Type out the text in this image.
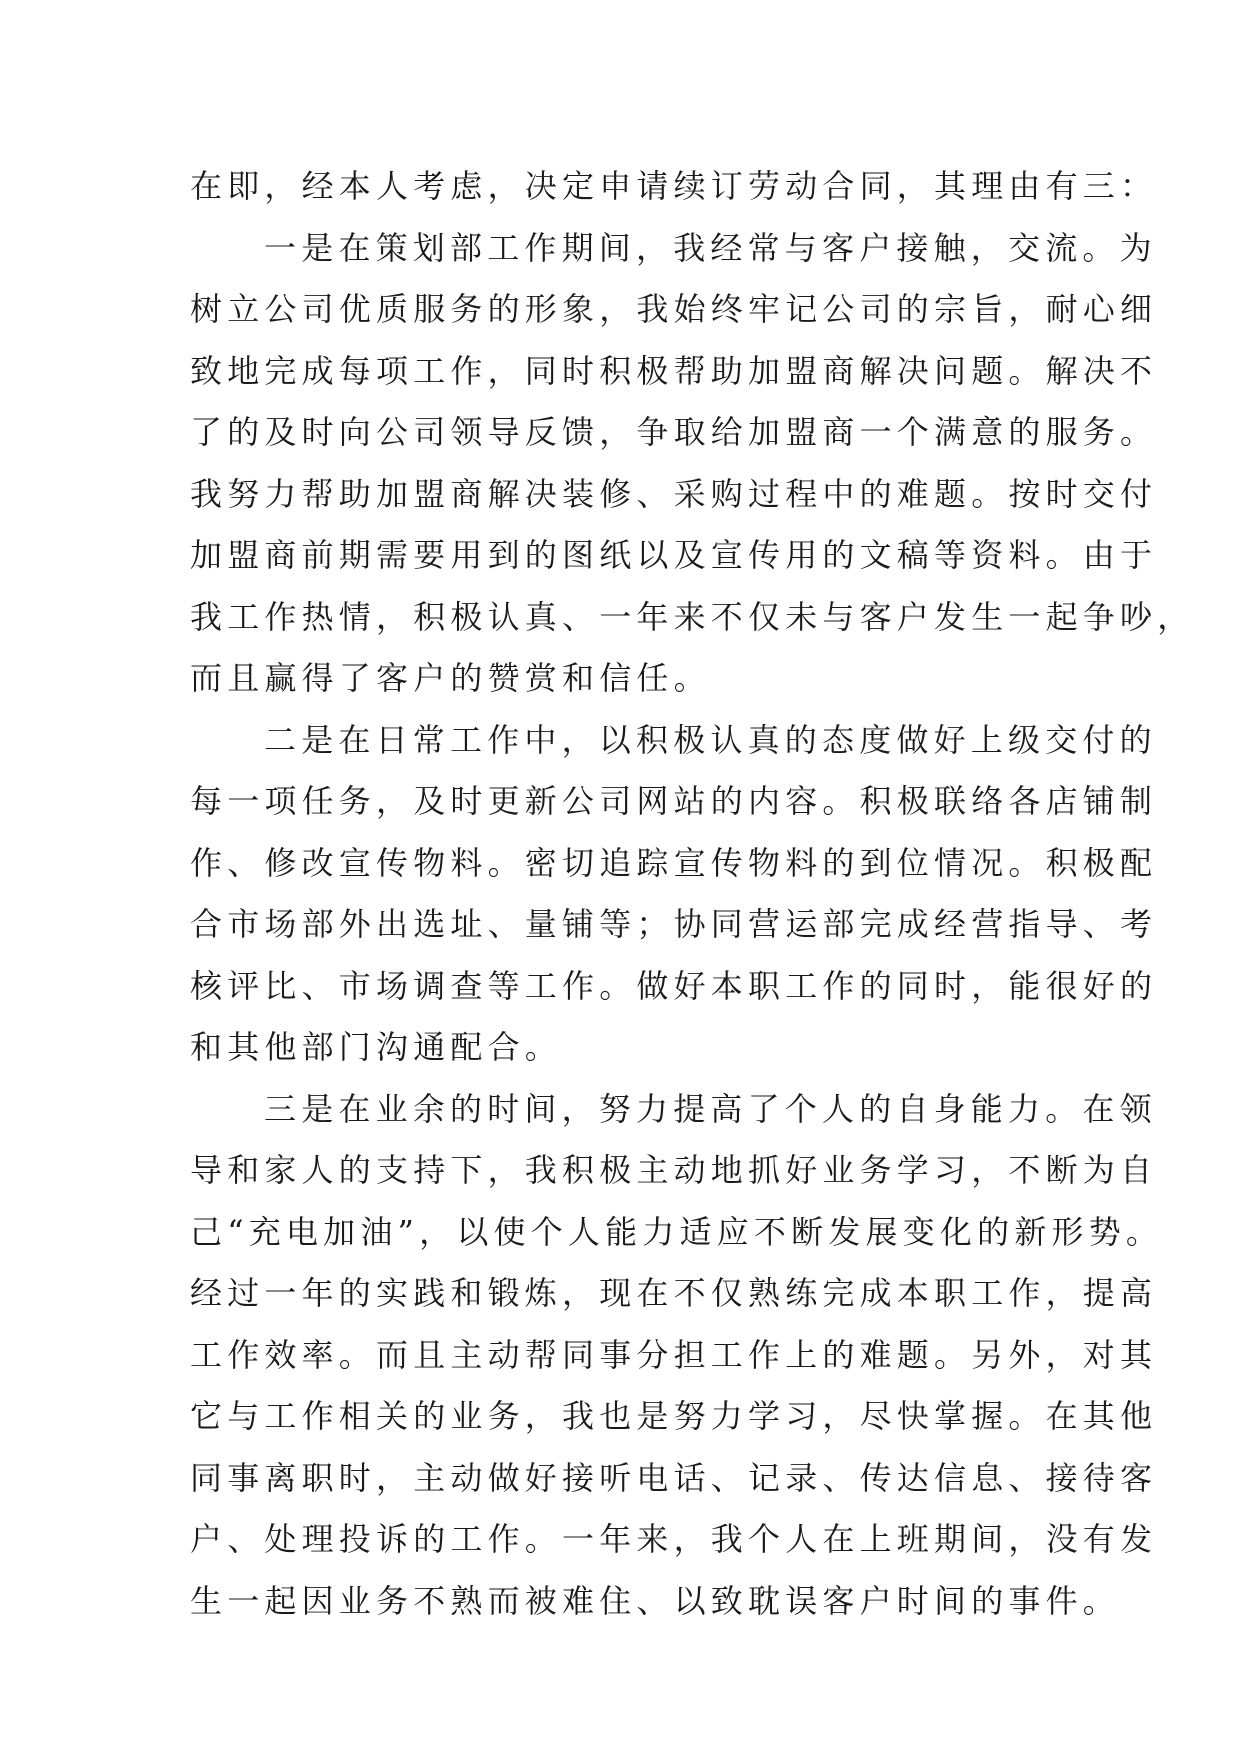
在即，经本人考虑，决定申请续订劳动合同，其理由有三：
一是在策划部工作期间，我经常与客户接触，交流。为
树立公司优质服务的形象，我始终牢记公司的宗旨，耐心细
致地完成每项工作，同时积极帮助加盟商解决问题。解决不
了的及时向公司领导反馈，争取给加盟商一个满意的服务。
我努力帮助加盟商解决装修、采购过程中的难题。按时交付
加盟商前期需要用到的图纸以及宣传用的文稿等资料。由于
我工作热情，积极认真、一年来不仅未与客户发生一起争吵，
而且赢得了客户的赞赏和信任。
二是在日常工作中，以积极认真的态度做好上级交付的
每一项任务，及时更新公司网站的内容。积极联络各店铺制
作、修改宣传物料。密切追踪宣传物料的到位情况。积极配
合市场部外出选址、量铺等；协同营运部完成经营指导、考
核评比、市场调查等工作。做好本职工作的同时，能很好的
和其他部门沟通配合。
三是在业余的时间，努力提高了个人的自身能力。在领
导和家人的支持下，我积极主动地抓好业务学习，不断为自
己“充电加油”，以使个人能力适应不断发展变化的新形势。
经过一年的实践和锻炼，现在不仅熟练完成本职工作，提高
工作效率。而且主动帮同事分担工作上的难题。另外，对其
它与工作相关的业务，我也是努力学习，尽快掌握。在其他
同事离职时，主动做好接听电话、记录、传达信息、接待客
户、处理投诉的工作。一年来，我个人在上班期间，没有发
生一起因业务不熟而被难住、以致耽误客户时间的事件。
